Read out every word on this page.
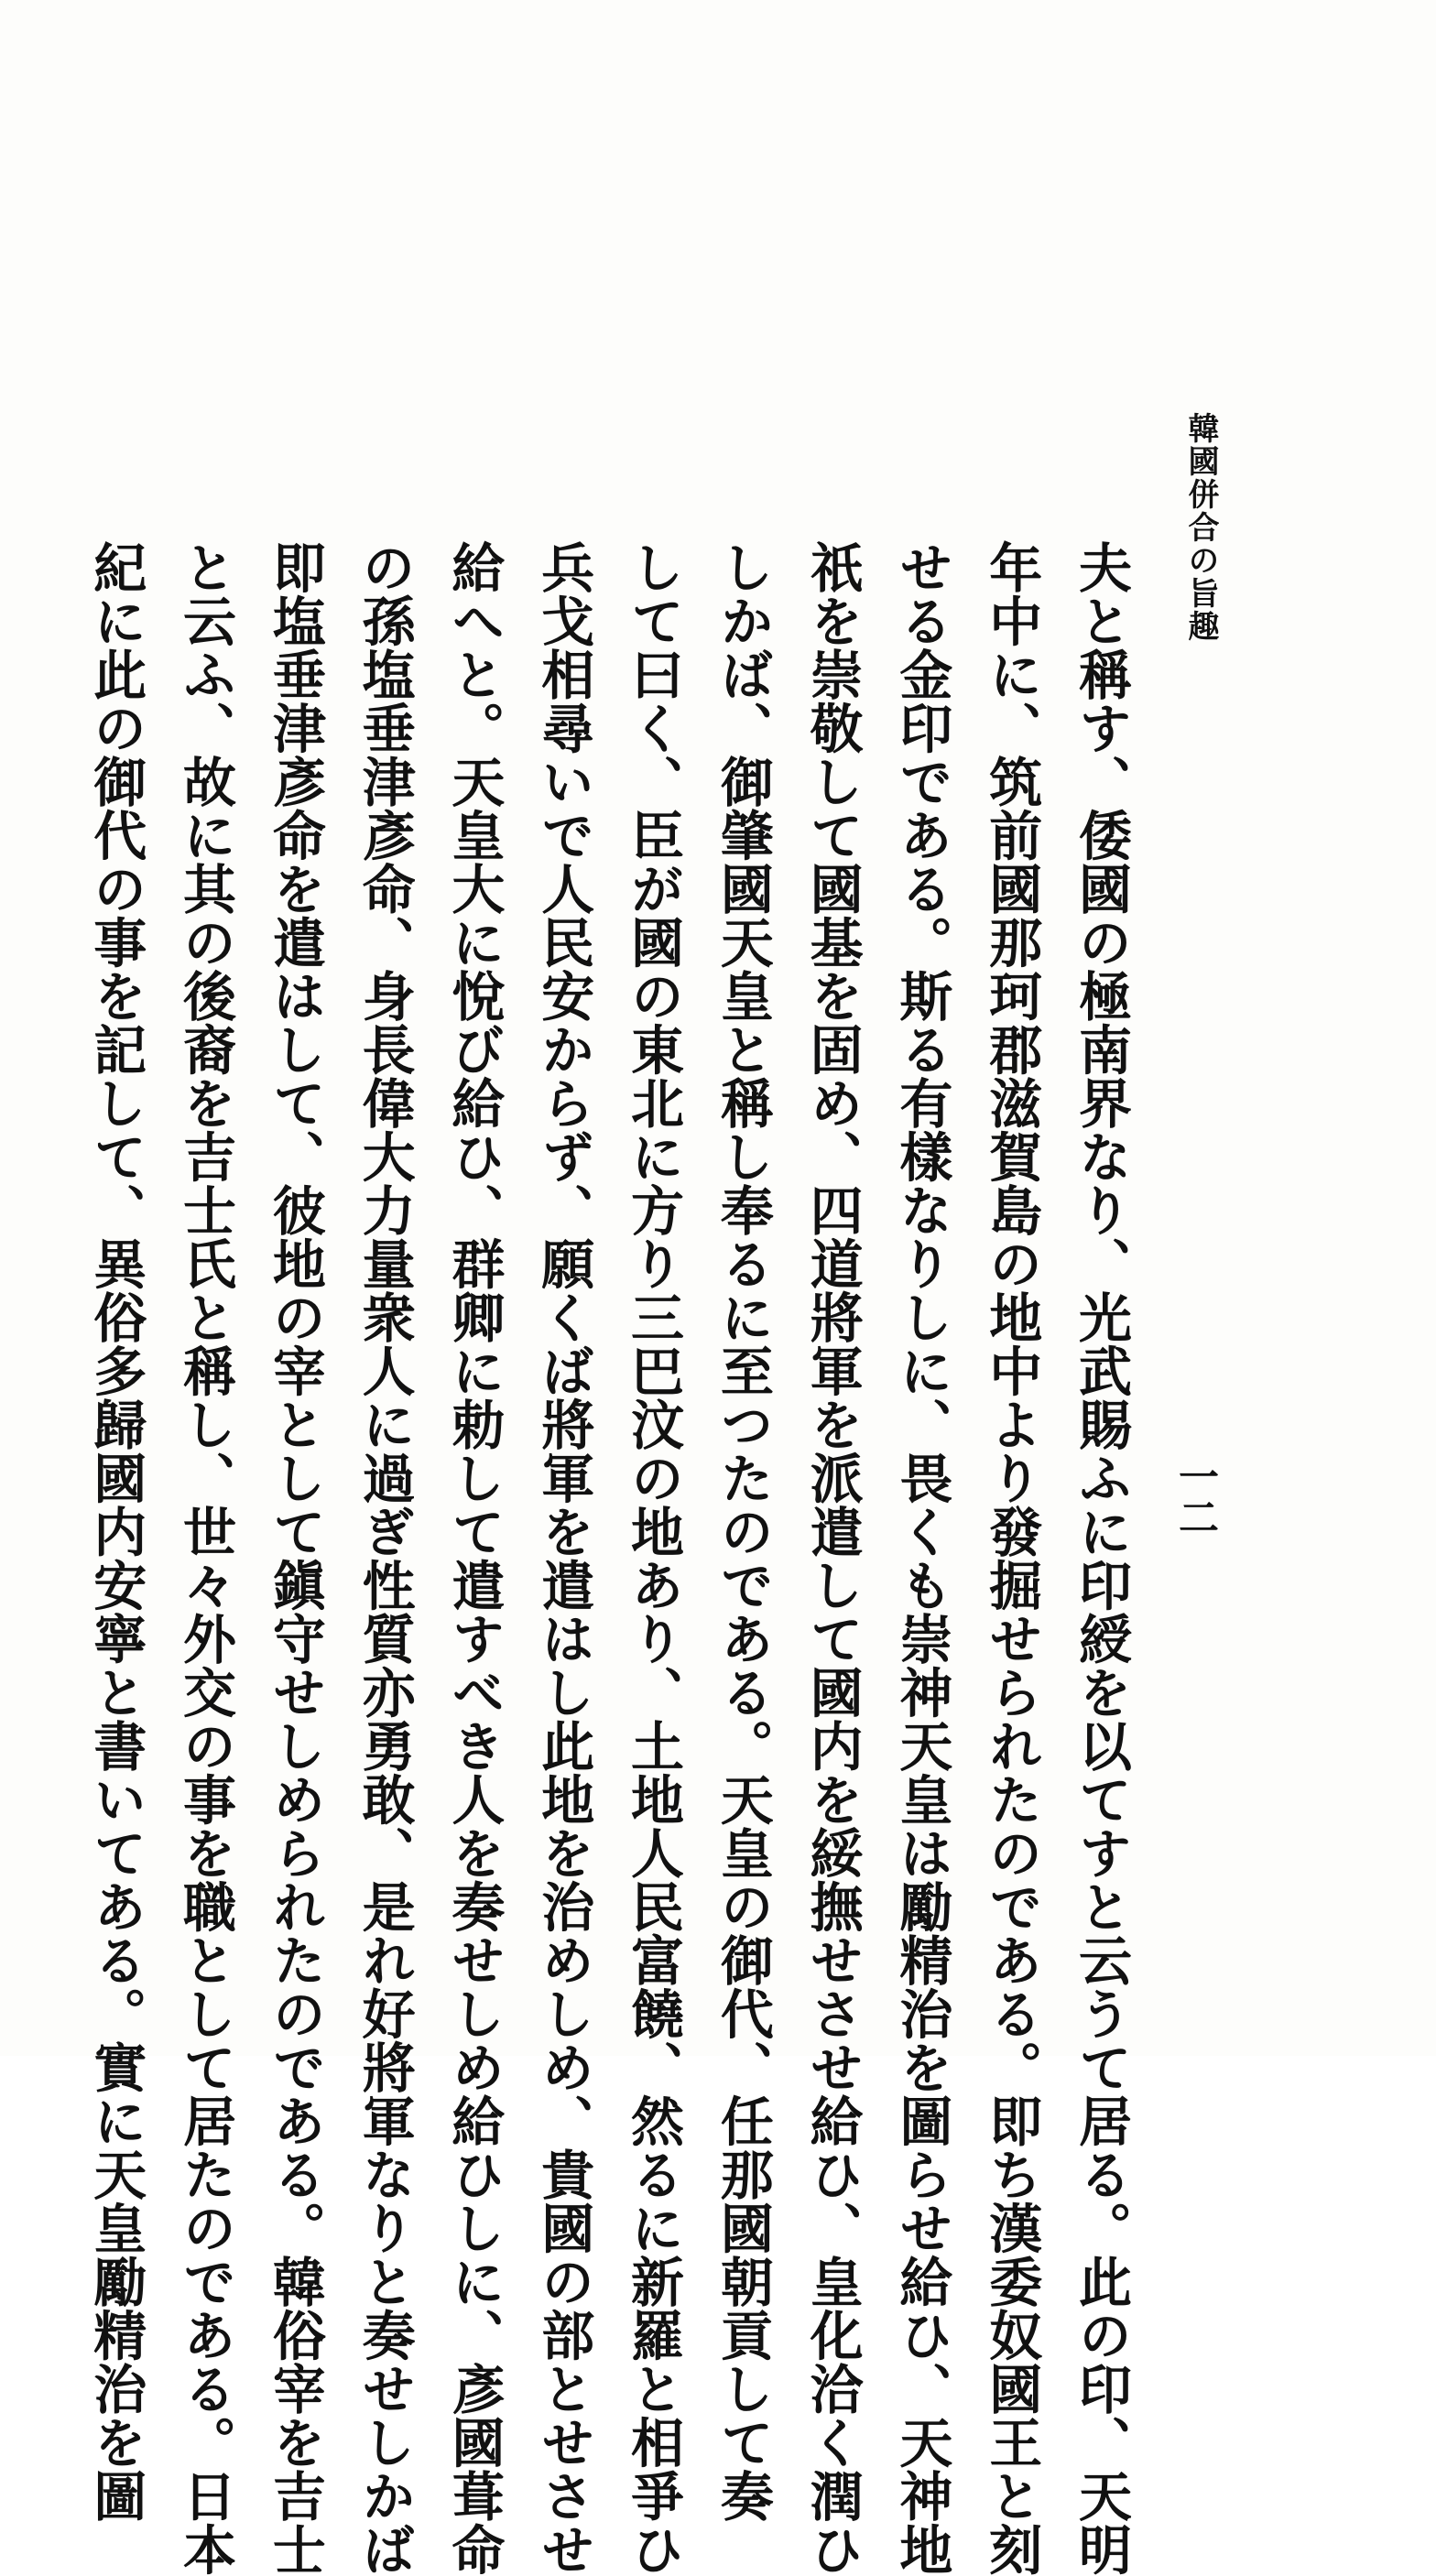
韓國併合の旨趣
一二
夫と稱す、倭國の極南界なり、光武賜ふに印綬を以てすと云うて居る。此の印、天明
年中に、筑前國那珂郡滋賀島の地中より發掘せられたのである。即ち漢委奴國王と刻
せる金印である。斯る有樣なりしに、畏くも崇神天皇は勵精治を圖らせ給ひ、天神地
祇を崇敬して國基を固め、四道將軍を派遣して國内を綏撫せさせ給ひ、皇化洽く潤ひ
しかば、御肇國天皇と稱し奉るに至つたのである。天皇の御代、任那國朝貢して奏
して曰く、臣が國の東北に方り三巴汶の地あり、土地人民富饒、然るに新羅と相爭ひ
兵戈相尋いで人民安からず、願くば將軍を遣はし此地を治めしめ、貴國の部とせさせ
給へと。天皇大に悅び給ひ、群卿に勅して遣すべき人を奏せしめ給ひしに、彥國葺命
の孫塩垂津彥命、身長偉大力量衆人に過ぎ性質亦勇敢、是れ好將軍なりと奏せしかば
即塩垂津彥命を遣はして、彼地の宰として鎭守せしめられたのである。韓俗宰を吉士
と云ふ、故に其の後裔を吉士氏と稱し、世々外交の事を職として居たのである。日本
紀に此の御代の事を記して、異俗多歸國内安寧と書いてある。實に天皇勵精治を圖
